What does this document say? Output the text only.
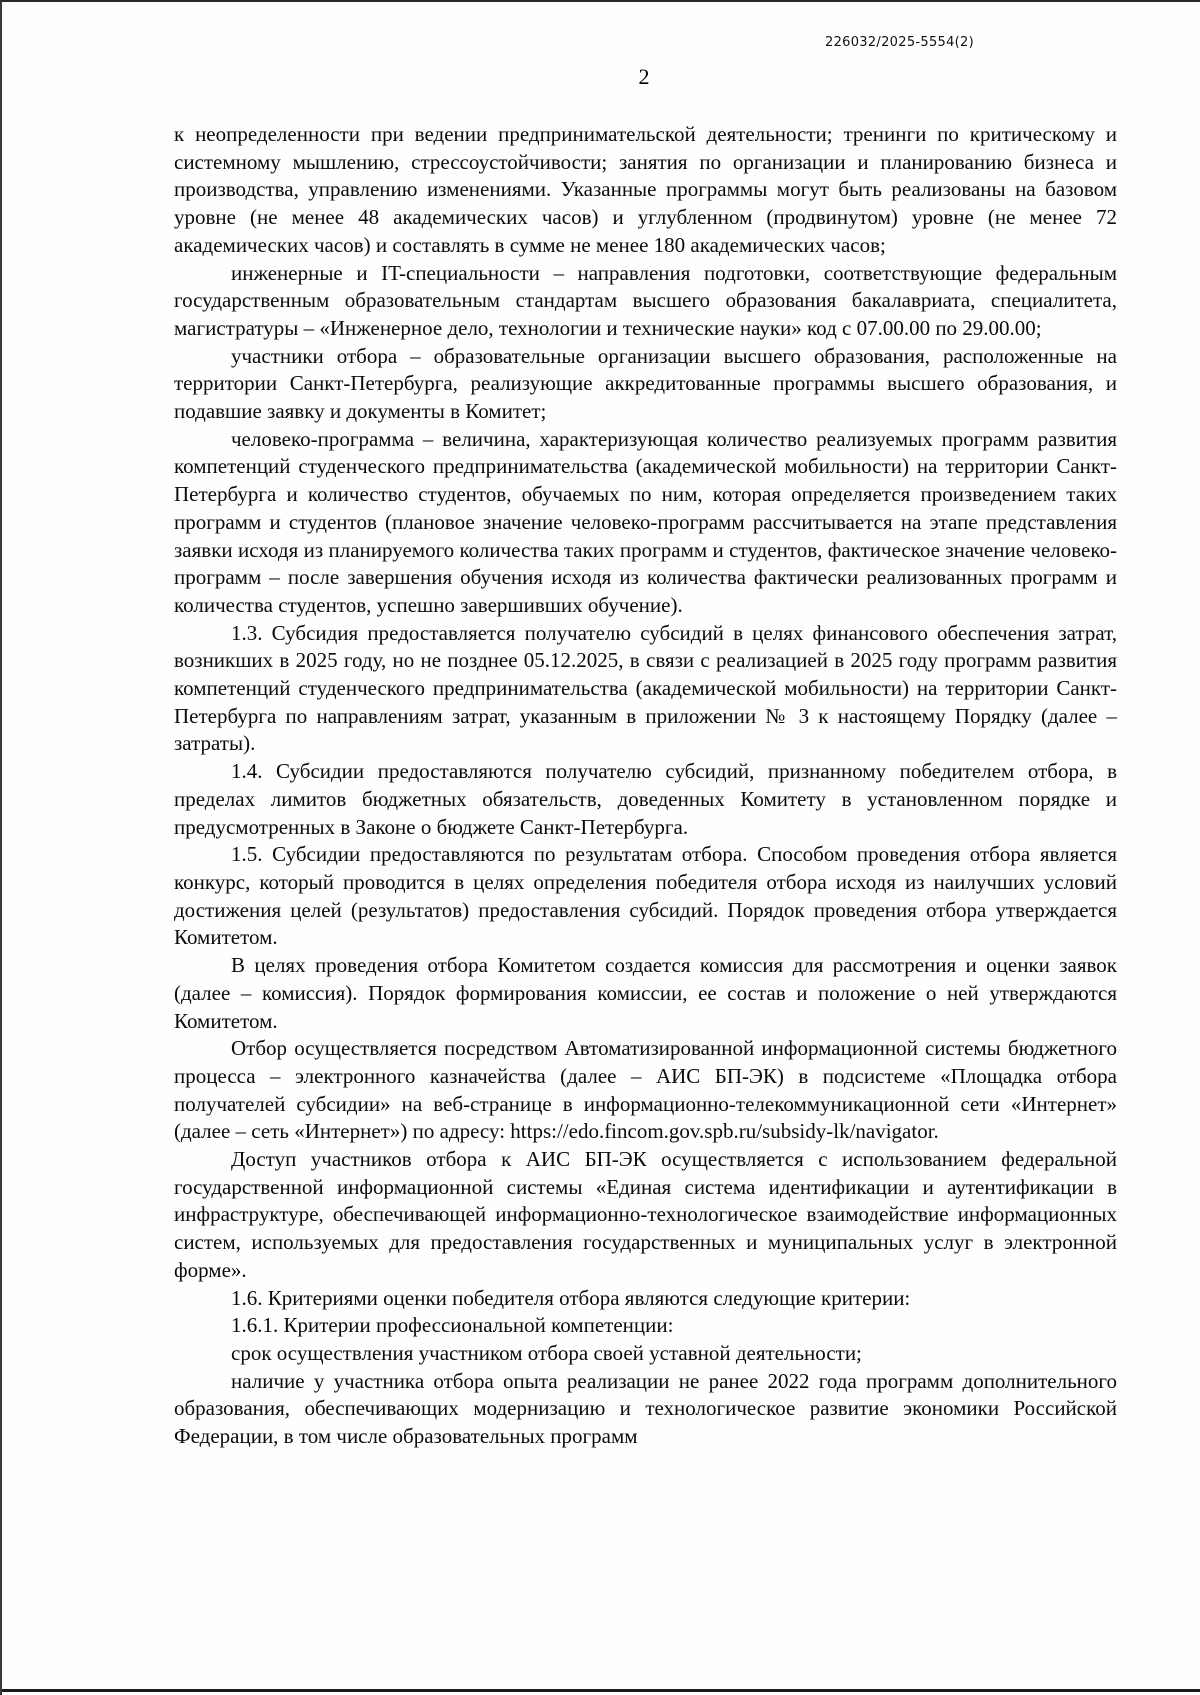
226032/2025-5554(2)
2

к неопределенности при ведении предпринимательской деятельности; тренинги по критическому и системному мышлению, стрессоустойчивости; занятия по организации и планированию бизнеса и производства, управлению изменениями. Указанные программы могут быть реализованы на базовом уровне (не менее 48 академических часов) и углубленном (продвинутом) уровне (не менее 72 академических часов) и составлять в сумме не менее 180 академических часов;

инженерные и IT-специальности – направления подготовки, соответствующие федеральным государственным образовательным стандартам высшего образования бакалавриата, специалитета, магистратуры – «Инженерное дело, технологии и технические науки» код с 07.00.00 по 29.00.00;

участники отбора – образовательные организации высшего образования, расположенные на территории Санкт-Петербурга, реализующие аккредитованные программы высшего образования, и подавшие заявку и документы в Комитет;

человеко-программа – величина, характеризующая количество реализуемых программ развития компетенций студенческого предпринимательства (академической мобильности) на территории Санкт-Петербурга и количество студентов, обучаемых по ним, которая определяется произведением таких программ и студентов (плановое значение человеко-программ рассчитывается на этапе представления заявки исходя из планируемого количества таких программ и студентов, фактическое значение человеко-программ – после завершения обучения исходя из количества фактически реализованных программ и количества студентов, успешно завершивших обучение).

1.3. Субсидия предоставляется получателю субсидий в целях финансового обеспечения затрат, возникших в 2025 году, но не позднее 05.12.2025, в связи с реализацией в 2025 году программ развития компетенций студенческого предпринимательства (академической мобильности) на территории Санкт-Петербурга по направлениям затрат, указанным в приложении № 3 к настоящему Порядку (далее – затраты).

1.4. Субсидии предоставляются получателю субсидий, признанному победителем отбора, в пределах лимитов бюджетных обязательств, доведенных Комитету в установленном порядке и предусмотренных в Законе о бюджете Санкт-Петербурга.

1.5. Субсидии предоставляются по результатам отбора. Способом проведения отбора является конкурс, который проводится в целях определения победителя отбора исходя из наилучших условий достижения целей (результатов) предоставления субсидий. Порядок проведения отбора утверждается Комитетом.

В целях проведения отбора Комитетом создается комиссия для рассмотрения и оценки заявок (далее – комиссия). Порядок формирования комиссии, ее состав и положение о ней утверждаются Комитетом.

Отбор осуществляется посредством Автоматизированной информационной системы бюджетного процесса – электронного казначейства (далее – АИС БП-ЭК) в подсистеме «Площадка отбора получателей субсидии» на веб-странице в информационно-телекоммуникационной сети «Интернет» (далее – сеть «Интернет») по адресу: https://edo.fincom.gov.spb.ru/subsidy-lk/navigator.

Доступ участников отбора к АИС БП-ЭК осуществляется с использованием федеральной государственной информационной системы «Единая система идентификации и аутентификации в инфраструктуре, обеспечивающей информационно-технологическое взаимодействие информационных систем, используемых для предоставления государственных и муниципальных услуг в электронной форме».

1.6. Критериями оценки победителя отбора являются следующие критерии:

1.6.1. Критерии профессиональной компетенции:

срок осуществления участником отбора своей уставной деятельности;

наличие у участника отбора опыта реализации не ранее 2022 года программ дополнительного образования, обеспечивающих модернизацию и технологическое развитие экономики Российской Федерации, в том числе образовательных программ
